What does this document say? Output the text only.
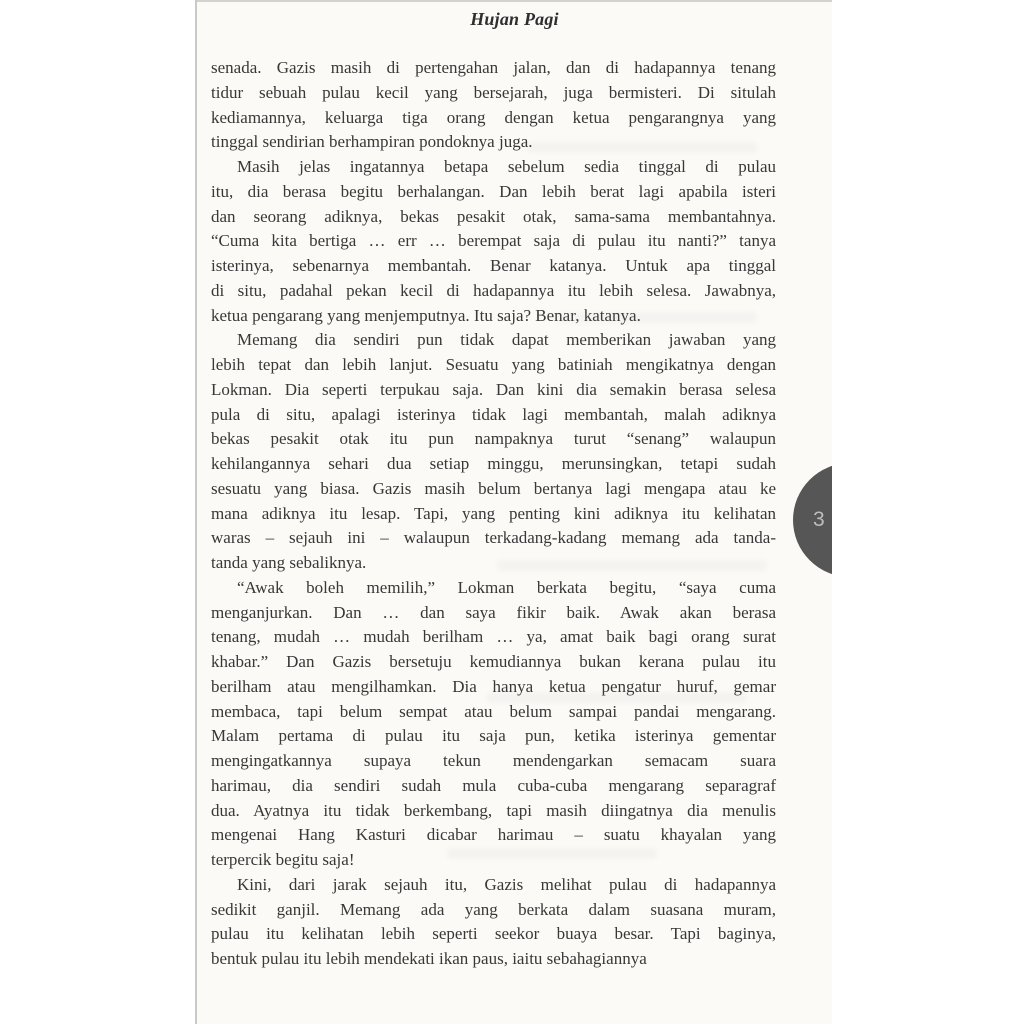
Hujan Pagi
senada. Gazis masih di pertengahan jalan, dan di hadapannya tenang
tidur sebuah pulau kecil yang bersejarah, juga bermisteri. Di situlah
kediamannya, keluarga tiga orang dengan ketua pengarangnya yang
tinggal sendirian berhampiran pondoknya juga.
Masih jelas ingatannya betapa sebelum sedia tinggal di pulau
itu, dia berasa begitu berhalangan. Dan lebih berat lagi apabila isteri
dan seorang adiknya, bekas pesakit otak, sama-sama membantahnya.
“Cuma kita bertiga … err … berempat saja di pulau itu nanti?” tanya
isterinya, sebenarnya membantah. Benar katanya. Untuk apa tinggal
di situ, padahal pekan kecil di hadapannya itu lebih selesa. Jawabnya,
ketua pengarang yang menjemputnya. Itu saja? Benar, katanya.
Memang dia sendiri pun tidak dapat memberikan jawaban yang
lebih tepat dan lebih lanjut. Sesuatu yang batiniah mengikatnya dengan
Lokman. Dia seperti terpukau saja. Dan kini dia semakin berasa selesa
pula di situ, apalagi isterinya tidak lagi membantah, malah adiknya
bekas pesakit otak itu pun nampaknya turut “senang” walaupun
kehilangannya sehari dua setiap minggu, merunsingkan, tetapi sudah
sesuatu yang biasa. Gazis masih belum bertanya lagi mengapa atau ke
mana adiknya itu lesap. Tapi, yang penting kini adiknya itu kelihatan
waras – sejauh ini – walaupun terkadang-kadang memang ada tanda-
tanda yang sebaliknya.
“Awak boleh memilih,” Lokman berkata begitu, “saya cuma
menganjurkan. Dan … dan saya fikir baik. Awak akan berasa
tenang, mudah … mudah berilham … ya, amat baik bagi orang surat
khabar.” Dan Gazis bersetuju kemudiannya bukan kerana pulau itu
berilham atau mengilhamkan. Dia hanya ketua pengatur huruf, gemar
membaca, tapi belum sempat atau belum sampai pandai mengarang.
Malam pertama di pulau itu saja pun, ketika isterinya gementar
mengingatkannya supaya tekun mendengarkan semacam suara
harimau, dia sendiri sudah mula cuba-cuba mengarang separagraf
dua. Ayatnya itu tidak berkembang, tapi masih diingatnya dia menulis
mengenai Hang Kasturi dicabar harimau – suatu khayalan yang
terpercik begitu saja!
Kini, dari jarak sejauh itu, Gazis melihat pulau di hadapannya
sedikit ganjil. Memang ada yang berkata dalam suasana muram,
pulau itu kelihatan lebih seperti seekor buaya besar. Tapi baginya,
bentuk pulau itu lebih mendekati ikan paus, iaitu sebahagiannya
3
